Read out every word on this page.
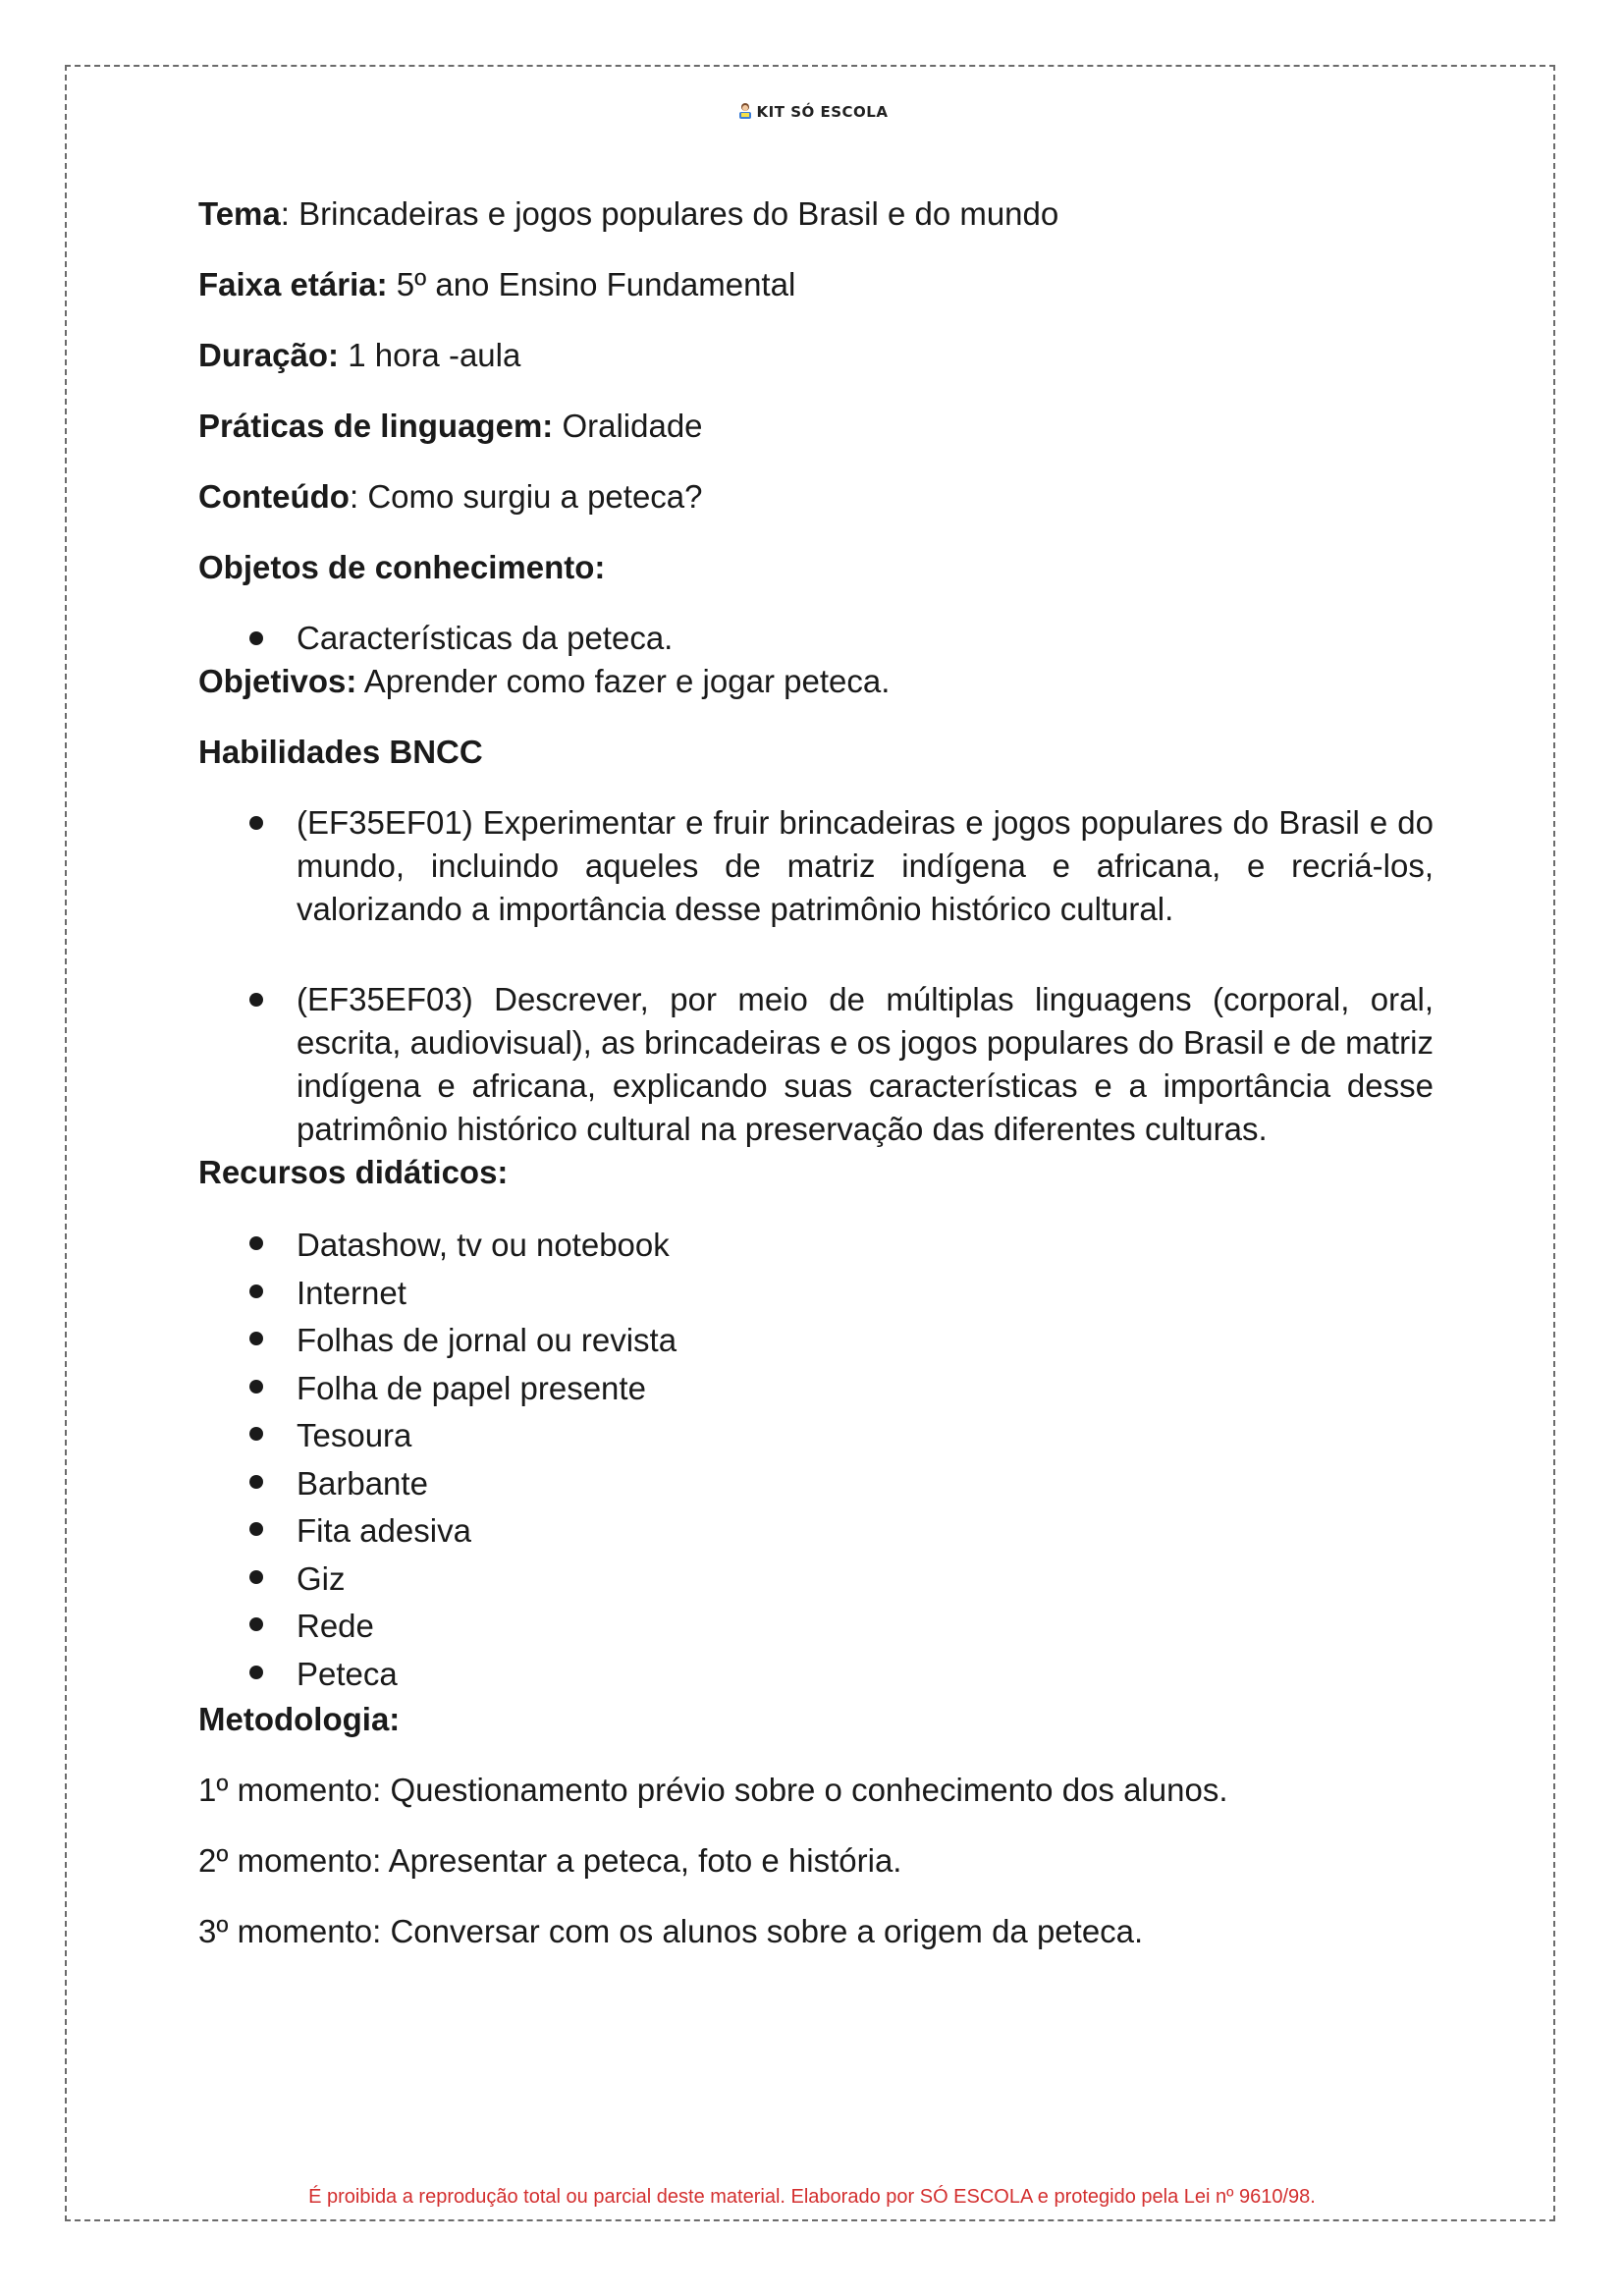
KIT SÓ ESCOLA

Tema: Brincadeiras e jogos populares do Brasil e do mundo

Faixa etária: 5º ano Ensino Fundamental

Duração: 1 hora -aula

Práticas de linguagem: Oralidade

Conteúdo: Como surgiu a peteca?

Objetos de conhecimento:

Características da peteca.

Objetivos: Aprender como fazer e jogar peteca.

Habilidades BNCC

(EF35EF01) Experimentar e fruir brincadeiras e jogos populares do Brasil e do mundo, incluindo aqueles de matriz indígena e africana, e recriá-los, valorizando a importância desse patrimônio histórico cultural.
(EF35EF03) Descrever, por meio de múltiplas linguagens (corporal, oral, escrita, audiovisual), as brincadeiras e os jogos populares do Brasil e de matriz indígena e africana, explicando suas características e a importância desse patrimônio histórico cultural na preservação das diferentes culturas.

Recursos didáticos:

Datashow, tv ou notebook
Internet
Folhas de jornal ou revista
Folha de papel presente
Tesoura
Barbante
Fita adesiva
Giz
Rede
Peteca

Metodologia:

1º momento: Questionamento prévio sobre o conhecimento dos alunos.

2º momento: Apresentar a peteca, foto e história.

3º momento: Conversar com os alunos sobre a origem da peteca.

É proibida a reprodução total ou parcial deste material. Elaborado por SÓ ESCOLA e protegido pela Lei nº 9610/98.
